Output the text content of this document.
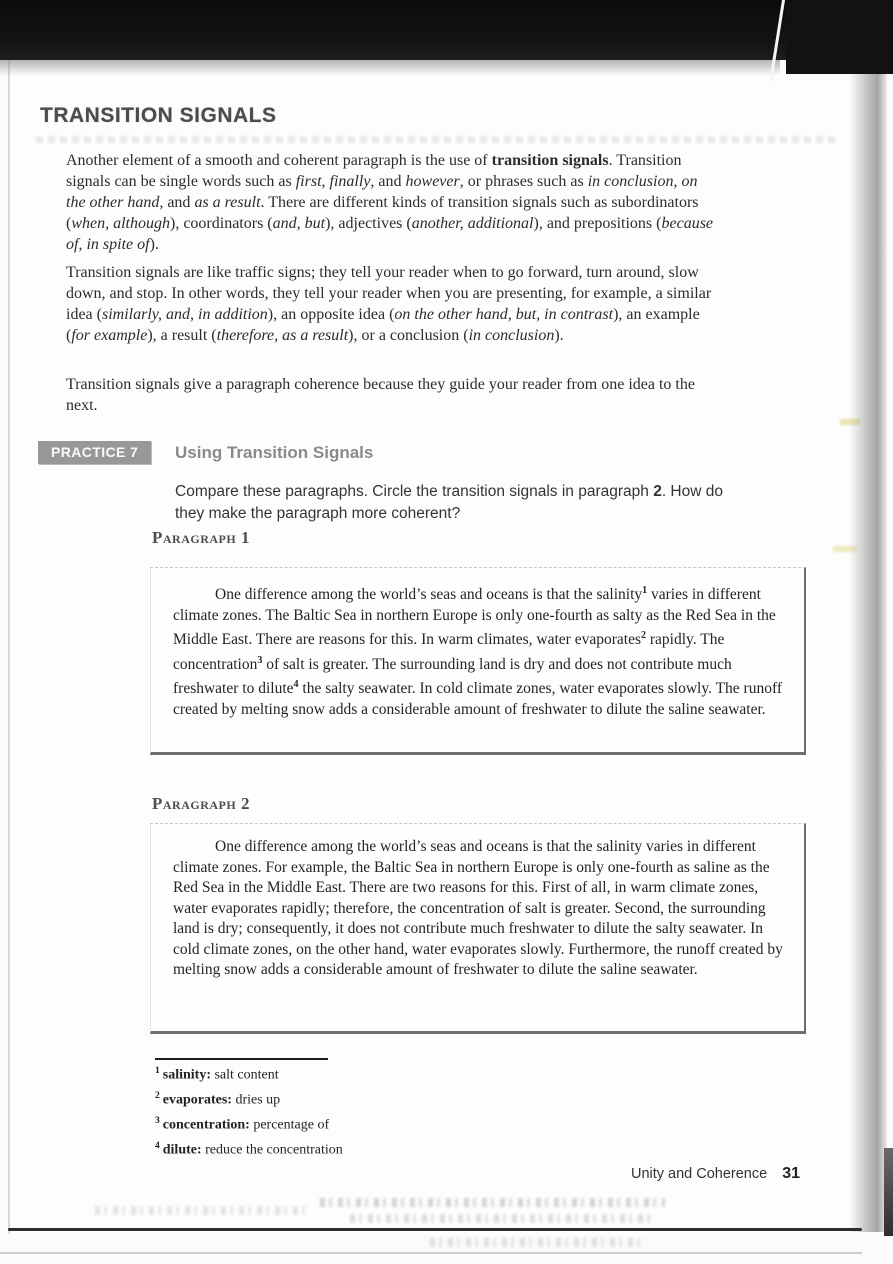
TRANSITION SIGNALS

Another element of a smooth and coherent paragraph is the use of transition signals. Transition signals can be single words such as first, finally, and however, or phrases such as in conclusion, on the other hand, and as a result. There are different kinds of transition signals such as subordinators (when, although), coordinators (and, but), adjectives (another, additional), and prepositions (because of, in spite of).

Transition signals are like traffic signs; they tell your reader when to go forward, turn around, slow down, and stop. In other words, they tell your reader when you are presenting, for example, a similar idea (similarly, and, in addition), an opposite idea (on the other hand, but, in contrast), an example (for example), a result (therefore, as a result), or a conclusion (in conclusion).

Transition signals give a paragraph coherence because they guide your reader from one idea to the next.

PRACTICE 7	Using Transition Signals
Compare these paragraphs. Circle the transition signals in paragraph 2. How do they make the paragraph more coherent?
Paragraph 1

One difference among the world’s seas and oceans is that the salinity$^1$ varies in different climate zones. The Baltic Sea in northern Europe is only one-fourth as salty as the Red Sea in the Middle East. There are reasons for this. In warm climates, water evaporates$^2$ rapidly. The concentration$^3$ of salt is greater. The surrounding land is dry and does not contribute much freshwater to dilute$^4$ the salty seawater. In cold climate zones, water evaporates slowly. The runoff created by melting snow adds a considerable amount of freshwater to dilute the saline seawater.

Paragraph 2

One difference among the world’s seas and oceans is that the salinity varies in different climate zones. For example, the Baltic Sea in northern Europe is only one-fourth as saline as the Red Sea in the Middle East. There are two reasons for this. First of all, in warm climate zones, water evaporates rapidly; therefore, the concentration of salt is greater. Second, the surrounding land is dry; consequently, it does not contribute much freshwater to dilute the salty seawater. In cold climate zones, on the other hand, water evaporates slowly. Furthermore, the runoff created by melting snow adds a considerable amount of freshwater to dilute the saline seawater.

$^1$ salinity: salt content
$^2$ evaporates: dries up
$^3$ concentration: percentage of
$^4$ dilute: reduce the concentration
Unity and Coherence 31
